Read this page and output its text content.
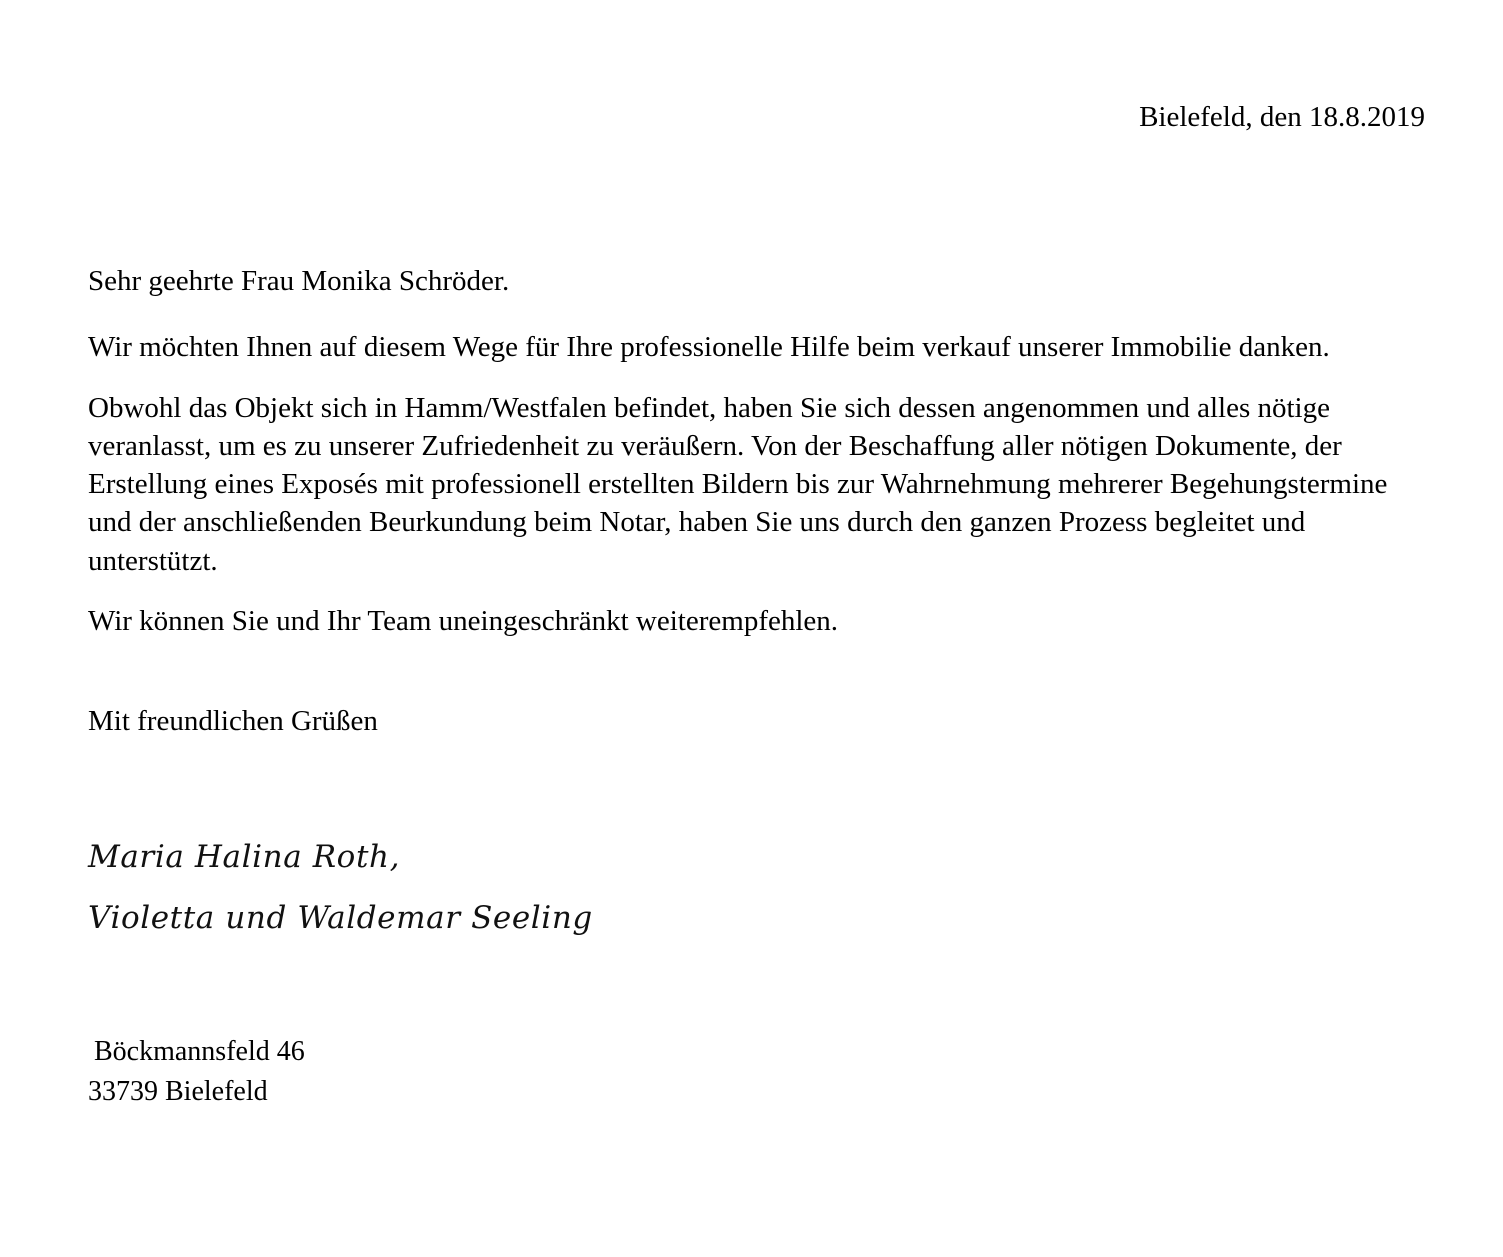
Bielefeld, den 18.8.2019

Sehr geehrte Frau Monika Schröder.

Wir möchten Ihnen auf diesem Wege für Ihre professionelle Hilfe beim verkauf unserer Immobilie danken.

Obwohl das Objekt sich in Hamm/Westfalen befindet, haben Sie sich dessen angenommen und alles nötige veranlasst, um es zu unserer Zufriedenheit zu veräußern. Von der Beschaffung aller nötigen Dokumente, der Erstellung eines Exposés mit professionell erstellten Bildern bis zur Wahrnehmung mehrerer Begehungstermine und der anschließenden Beurkundung beim Notar, haben Sie uns durch den ganzen Prozess begleitet und unterstützt.

Wir können Sie und Ihr Team uneingeschränkt weiterempfehlen.

Mit freundlichen Grüßen

Maria Halina Roth,

Violetta und Waldemar Seeling

Böckmannsfeld 46

33739 Bielefeld
